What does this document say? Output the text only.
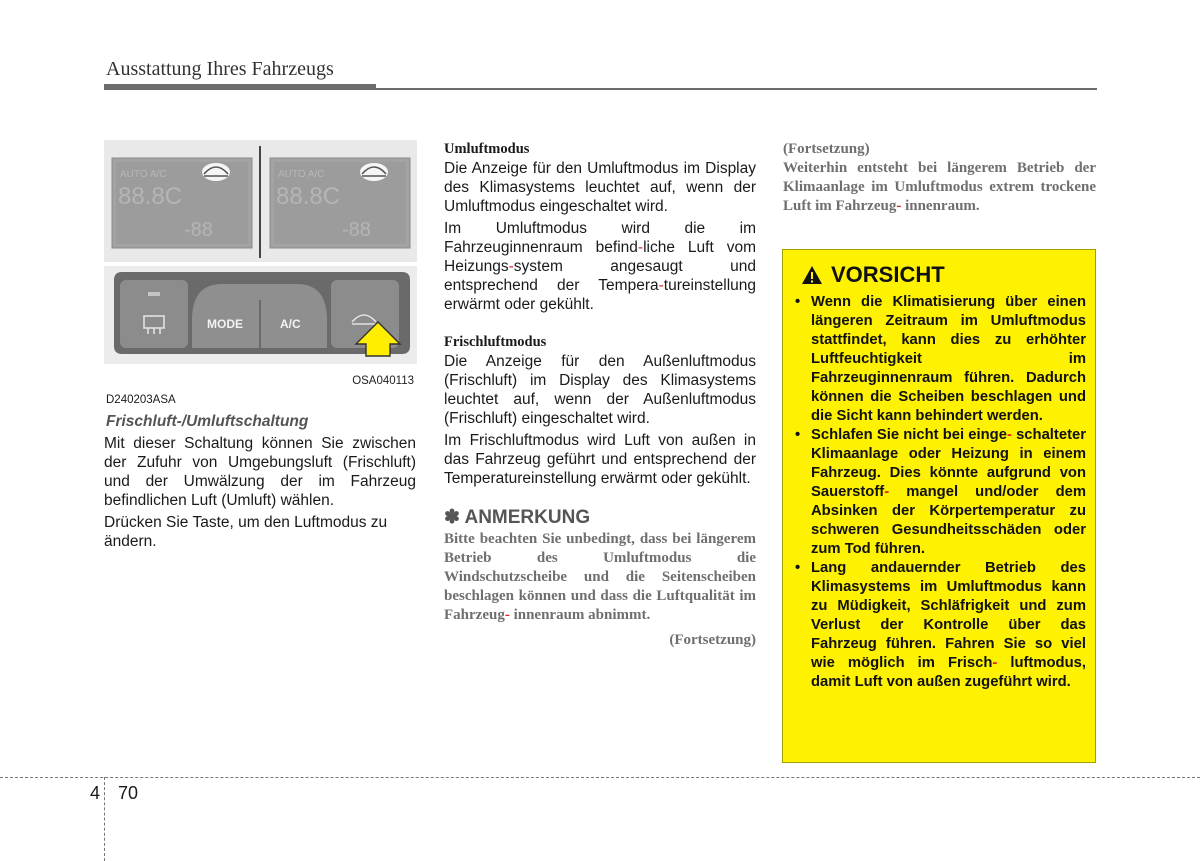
Ausstattung Ihres Fahrzeugs
AUTO A/C
88.8C
-88
AUTO A/C
88.8C
-88
MODE	A/C
OSA040113
D240203ASA
Frischluft-/Umluftschaltung

Mit dieser Schaltung können Sie zwischen der Zufuhr von Umgebungsluft (Frischluft) und der Umwälzung der im Fahrzeug befindlichen Luft (Umluft) wählen.

Drücken Sie Taste, um den Luftmodus zu ändern.

Umluftmodus

Die Anzeige für den Umluftmodus im Display des Klimasystems leuchtet auf, wenn der Umluftmodus eingeschaltet wird.

Im Umluftmodus wird die im Fahrzeuginnenraum befind-liche Luft vom Heizungs-system angesaugt und entsprechend der Tempera-tureinstellung erwärmt oder gekühlt.

Frischluftmodus

Die Anzeige für den Außenluftmodus (Frischluft) im Display des Klimasystems leuchtet auf, wenn der Außenluftmodus (Frischluft) eingeschaltet wird.

Im Frischluftmodus wird Luft von außen in das Fahrzeug geführt und entsprechend der Temperatureinstellung erwärmt oder gekühlt.

✽ ANMERKUNG
Bitte beachten Sie unbedingt, dass bei längerem Betrieb des Umluftmodus die Windschutzscheibe und die Seitenscheiben beschlagen können und dass die Luftqualität im Fahrzeug- innenraum abnimmt.
(Fortsetzung)
(Fortsetzung)
Weiterhin entsteht bei längerem Betrieb der Klimaanlage im Umluftmodus extrem trockene Luft im Fahrzeug- innenraum.
VORSICHT
• Wenn die Klimatisierung über einen längeren Zeitraum im Umluftmodus stattfindet, kann dies zu erhöhter Luftfeuchtigkeit im Fahrzeuginnenraum führen. Dadurch können die Scheiben beschlagen und die Sicht kann behindert werden.
• Schlafen Sie nicht bei einge- schalteter Klimaanlage oder Heizung in einem Fahrzeug. Dies könnte aufgrund von Sauerstoff- mangel und/oder dem Absinken der Körpertemperatur zu schweren Gesundheitsschäden oder zum Tod führen.
• Lang andauernder Betrieb des Klimasystems im Umluftmodus kann zu Müdigkeit, Schläfrigkeit und zum Verlust der Kontrolle über das Fahrzeug führen. Fahren Sie so viel wie möglich im Frisch- luftmodus, damit Luft von außen zugeführt wird.
4 70
